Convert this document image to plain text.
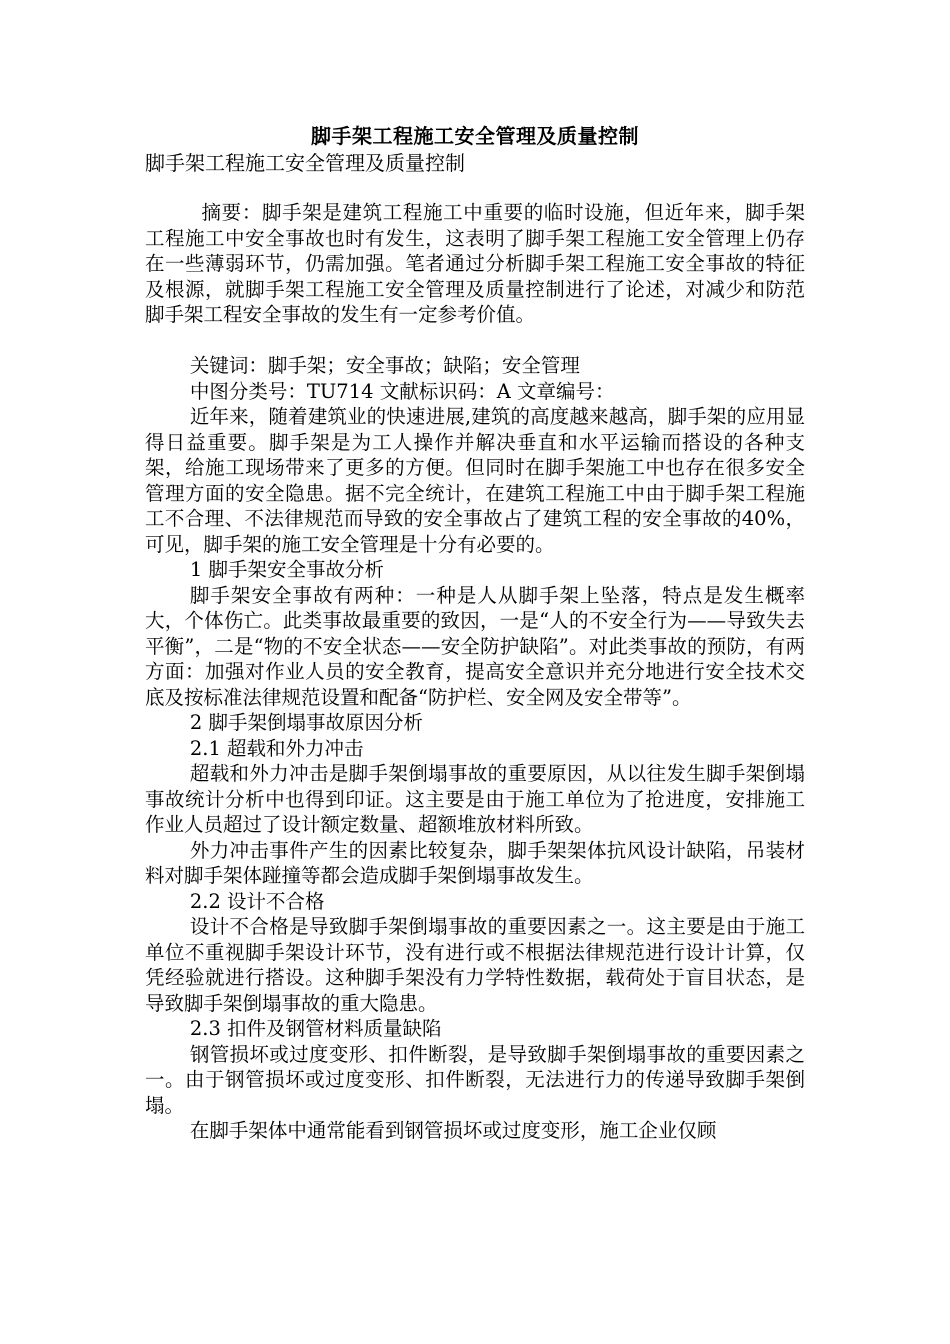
脚手架工程施工安全管理及质量控制
脚手架工程施工安全管理及质量控制

摘要：脚手架是建筑工程施工中重要的临时设施，但近年来，脚手架工程施工中安全事故也时有发生，这表明了脚手架工程施工安全管理上仍存在一些薄弱环节，仍需加强。笔者通过分析脚手架工程施工安全事故的特征及根源，就脚手架工程施工安全管理及质量控制进行了论述，对减少和防范脚手架工程安全事故的发生有一定参考价值。

关键词：脚手架；安全事故；缺陷；安全管理

中图分类号：TU714 文献标识码：A 文章编号：

近年来，随着建筑业的快速进展,建筑的高度越来越高，脚手架的应用显得日益重要。脚手架是为工人操作并解决垂直和水平运输而搭设的各种支架，给施工现场带来了更多的方便。但同时在脚手架施工中也存在很多安全管理方面的安全隐患。据不完全统计，在建筑工程施工中由于脚手架工程施工不合理、不法律规范而导致的安全事故占了建筑工程的安全事故的40%，可见，脚手架的施工安全管理是十分有必要的。

1 脚手架安全事故分析

脚手架安全事故有两种：一种是人从脚手架上坠落，特点是发生概率大，个体伤亡。此类事故最重要的致因，一是“人的不安全行为——导致失去平衡”，二是“物的不安全状态——安全防护缺陷”。对此类事故的预防，有两方面：加强对作业人员的安全教育，提高安全意识并充分地进行安全技术交底及按标准法律规范设置和配备“防护栏、安全网及安全带等”。

2 脚手架倒塌事故原因分析

2.1 超载和外力冲击

超载和外力冲击是脚手架倒塌事故的重要原因，从以往发生脚手架倒塌事故统计分析中也得到印证。这主要是由于施工单位为了抢进度，安排施工作业人员超过了设计额定数量、超额堆放材料所致。

外力冲击事件产生的因素比较复杂，脚手架架体抗风设计缺陷，吊装材料对脚手架体踫撞等都会造成脚手架倒塌事故发生。

2.2 设计不合格

设计不合格是导致脚手架倒塌事故的重要因素之一。这主要是由于施工单位不重视脚手架设计环节，没有进行或不根据法律规范进行设计计算，仅凭经验就进行搭设。这种脚手架没有力学特性数据，载荷处于盲目状态，是导致脚手架倒塌事故的重大隐患。

2.3 扣件及钢管材料质量缺陷

钢管损坏或过度变形、扣件断裂，是导致脚手架倒塌事故的重要因素之一。由于钢管损坏或过度变形、扣件断裂，无法进行力的传递导致脚手架倒塌。

在脚手架体中通常能看到钢管损坏或过度变形，施工企业仅顾
